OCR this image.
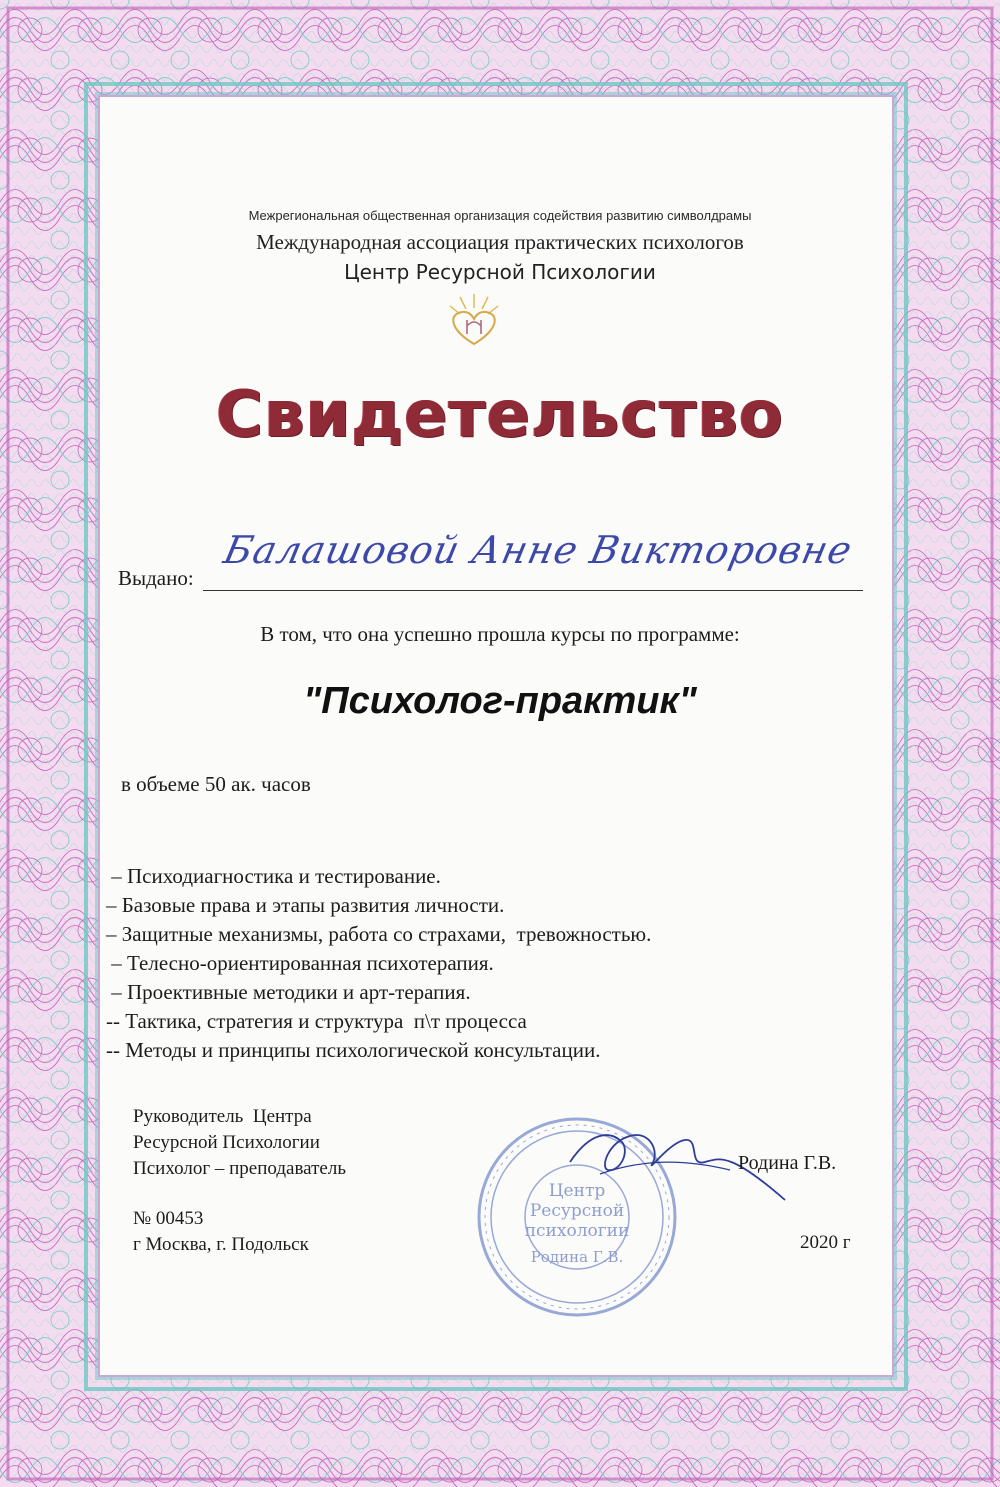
Межрегиональная общественная организация содействия развитию символдрамы
Международная ассоциация практических психологов
Центр Ресурсной Психологии
Свидетельство
Выдано:
Балашовой Анне Викторовне
В том, что она успешно прошла курсы по программе:
"Психолог-практик"
в объеме 50 ак. часов
– Психодиагностика и тестирование.
– Базовые права и этапы развития личности.
– Защитные механизмы, работа со страхами,  тревожностью.
– Телесно-ориентированная психотерапия.
– Проективные методики и арт-терапия.
-- Тактика, стратегия и структура  п\т процесса
-- Методы и принципы психологической консультации.
Руководитель  Центра
Ресурсной Психологии
Психолог – преподаватель
Центр
Ресурсной
психологии
Родина Г.В.
Родина Г.В.
№ 00453
г Москва, г. Подольск	2020 г
